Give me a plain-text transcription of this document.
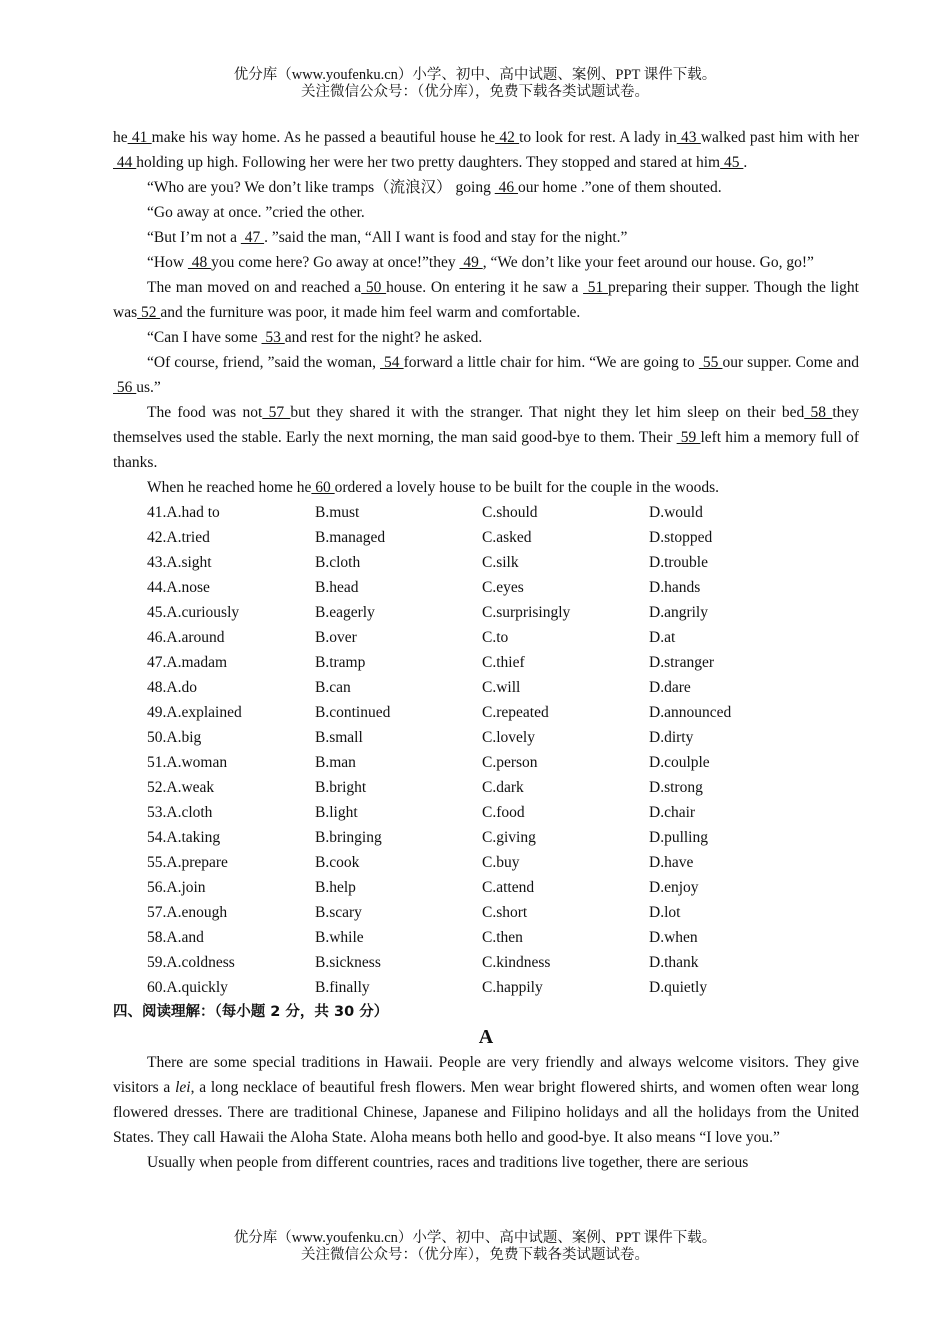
优分库（www.youfenku.cn）小学、初中、高中试题、案例、PPT 课件下载。
关注微信公众号：（优分库），免费下载各类试题试卷。

he 41 make his way home. As he passed a beautiful house he 42 to look for rest. A lady in 43 walked past him with her 44 holding up high. Following her were her two pretty daughters. They stopped and stared at him 45 .

“Who are you? We don’t like tramps（流浪汉） going  46 our home .”one of them shouted.

“Go away at once. ”cried the other.

“But I’m not a  47 . ”said the man, “All I want is food and stay for the night.”

“How  48 you come here? Go away at once!”they  49 , “We don’t like your feet around our house. Go, go!”

The man moved on and reached a 50 house. On entering it he saw a  51 preparing their supper. Though the light was 52 and the furniture was poor, it made him feel warm and comfortable.

“Can I have some  53 and rest for the night? he asked.

“Of course, friend, ”said the woman,  54 forward a little chair for him. “We are going to  55 our supper. Come and  56 us.”

The food was not 57 but they shared it with the stranger. That night they let him sleep on their bed 58 they themselves used the stable. Early the next morning, the man said good-bye to them. Their  59 left him a memory full of thanks.

When he reached home he 60 ordered a lovely house to be built for the couple in the woods.

41.A.had to	B.must	C.should	D.would
42.A.tried	B.managed	C.asked	D.stopped
43.A.sight	B.cloth	C.silk	D.trouble
44.A.nose	B.head	C.eyes	D.hands
45.A.curiously	B.eagerly	C.surprisingly	D.angrily
46.A.around	B.over	C.to	D.at
47.A.madam	B.tramp	C.thief	D.stranger
48.A.do	B.can	C.will	D.dare
49.A.explained	B.continued	C.repeated	D.announced
50.A.big	B.small	C.lovely	D.dirty
51.A.woman	B.man	C.person	D.coulple
52.A.weak	B.bright	C.dark	D.strong
53.A.cloth	B.light	C.food	D.chair
54.A.taking	B.bringing	C.giving	D.pulling
55.A.prepare	B.cook	C.buy	D.have
56.A.join	B.help	C.attend	D.enjoy
57.A.enough	B.scary	C.short	D.lot
58.A.and	B.while	C.then	D.when
59.A.coldness	B.sickness	C.kindness	D.thank
60.A.quickly	B.finally	C.happily	D.quietly

四、阅读理解：（每小题 2 分，共 30 分）

A

There are some special traditions in Hawaii. People are very friendly and always welcome visitors. They give visitors a lei, a long necklace of beautiful fresh flowers. Men wear bright flowered shirts, and women often wear long flowered dresses. There are traditional Chinese, Japanese and Filipino holidays and all the holidays from the United States. They call Hawaii the Aloha State. Aloha means both hello and good-bye. It also means “I love you.”

Usually when people from different countries, races and traditions live together, there are serious

优分库（www.youfenku.cn）小学、初中、高中试题、案例、PPT 课件下载。
关注微信公众号：（优分库），免费下载各类试题试卷。
